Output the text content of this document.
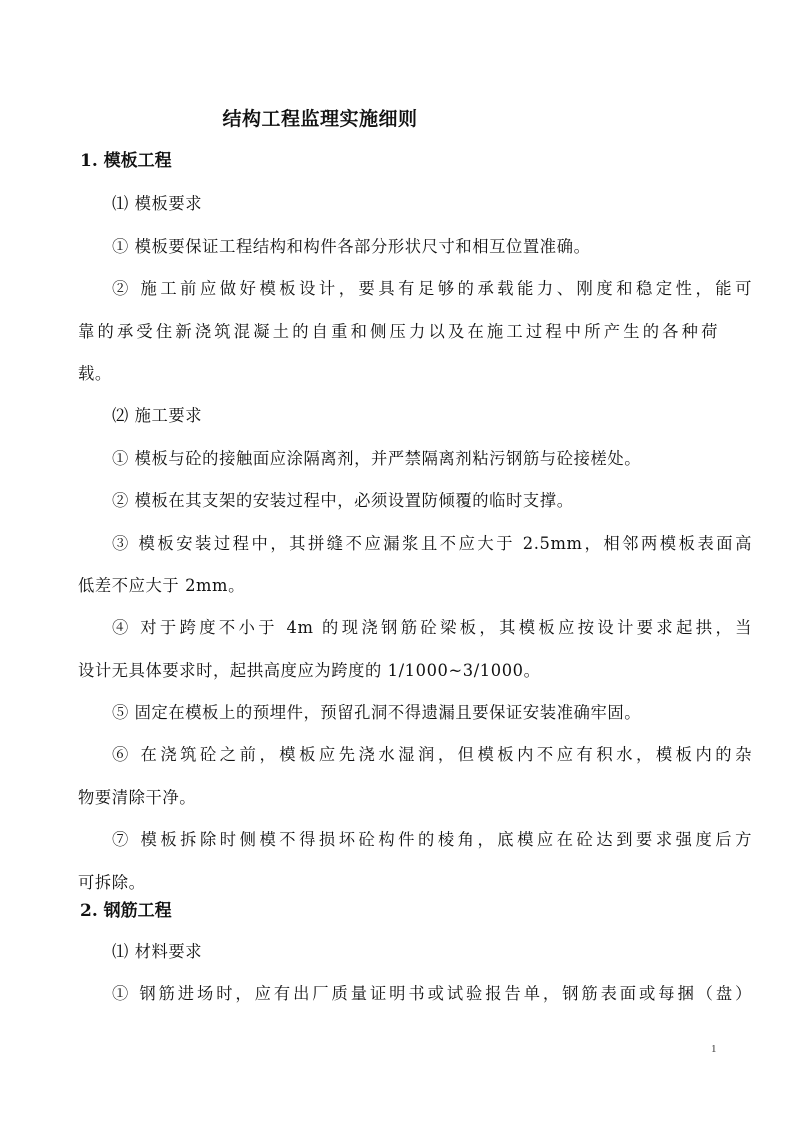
结构工程监理实施细则
1. 模板工程
⑴ 模板要求
① 模板要保证工程结构和构件各部分形状尺寸和相互位置准确。
② 施工前应做好模板设计，要具有足够的承载能力、刚度和稳定性，能可
靠的承受住新浇筑混凝土的自重和侧压力以及在施工过程中所产生的各种荷
载。
⑵ 施工要求
① 模板与砼的接触面应涂隔离剂，并严禁隔离剂粘污钢筋与砼接槎处。
② 模板在其支架的安装过程中，必须设置防倾覆的临时支撑。
③ 模板安装过程中，其拼缝不应漏浆且不应大于 2.5mm，相邻两模板表面高
低差不应大于 2mm。
④ 对于跨度不小于 4m 的现浇钢筋砼梁板，其模板应按设计要求起拱，当
设计无具体要求时，起拱高度应为跨度的 1/1000~3/1000。
⑤ 固定在模板上的预埋件，预留孔洞不得遗漏且要保证安装准确牢固。
⑥ 在浇筑砼之前，模板应先浇水湿润，但模板内不应有积水，模板内的杂
物要清除干净。
⑦ 模板拆除时侧模不得损坏砼构件的棱角，底模应在砼达到要求强度后方
可拆除。
2. 钢筋工程
⑴ 材料要求
① 钢筋进场时，应有出厂质量证明书或试验报告单，钢筋表面或每捆（盘）
1
